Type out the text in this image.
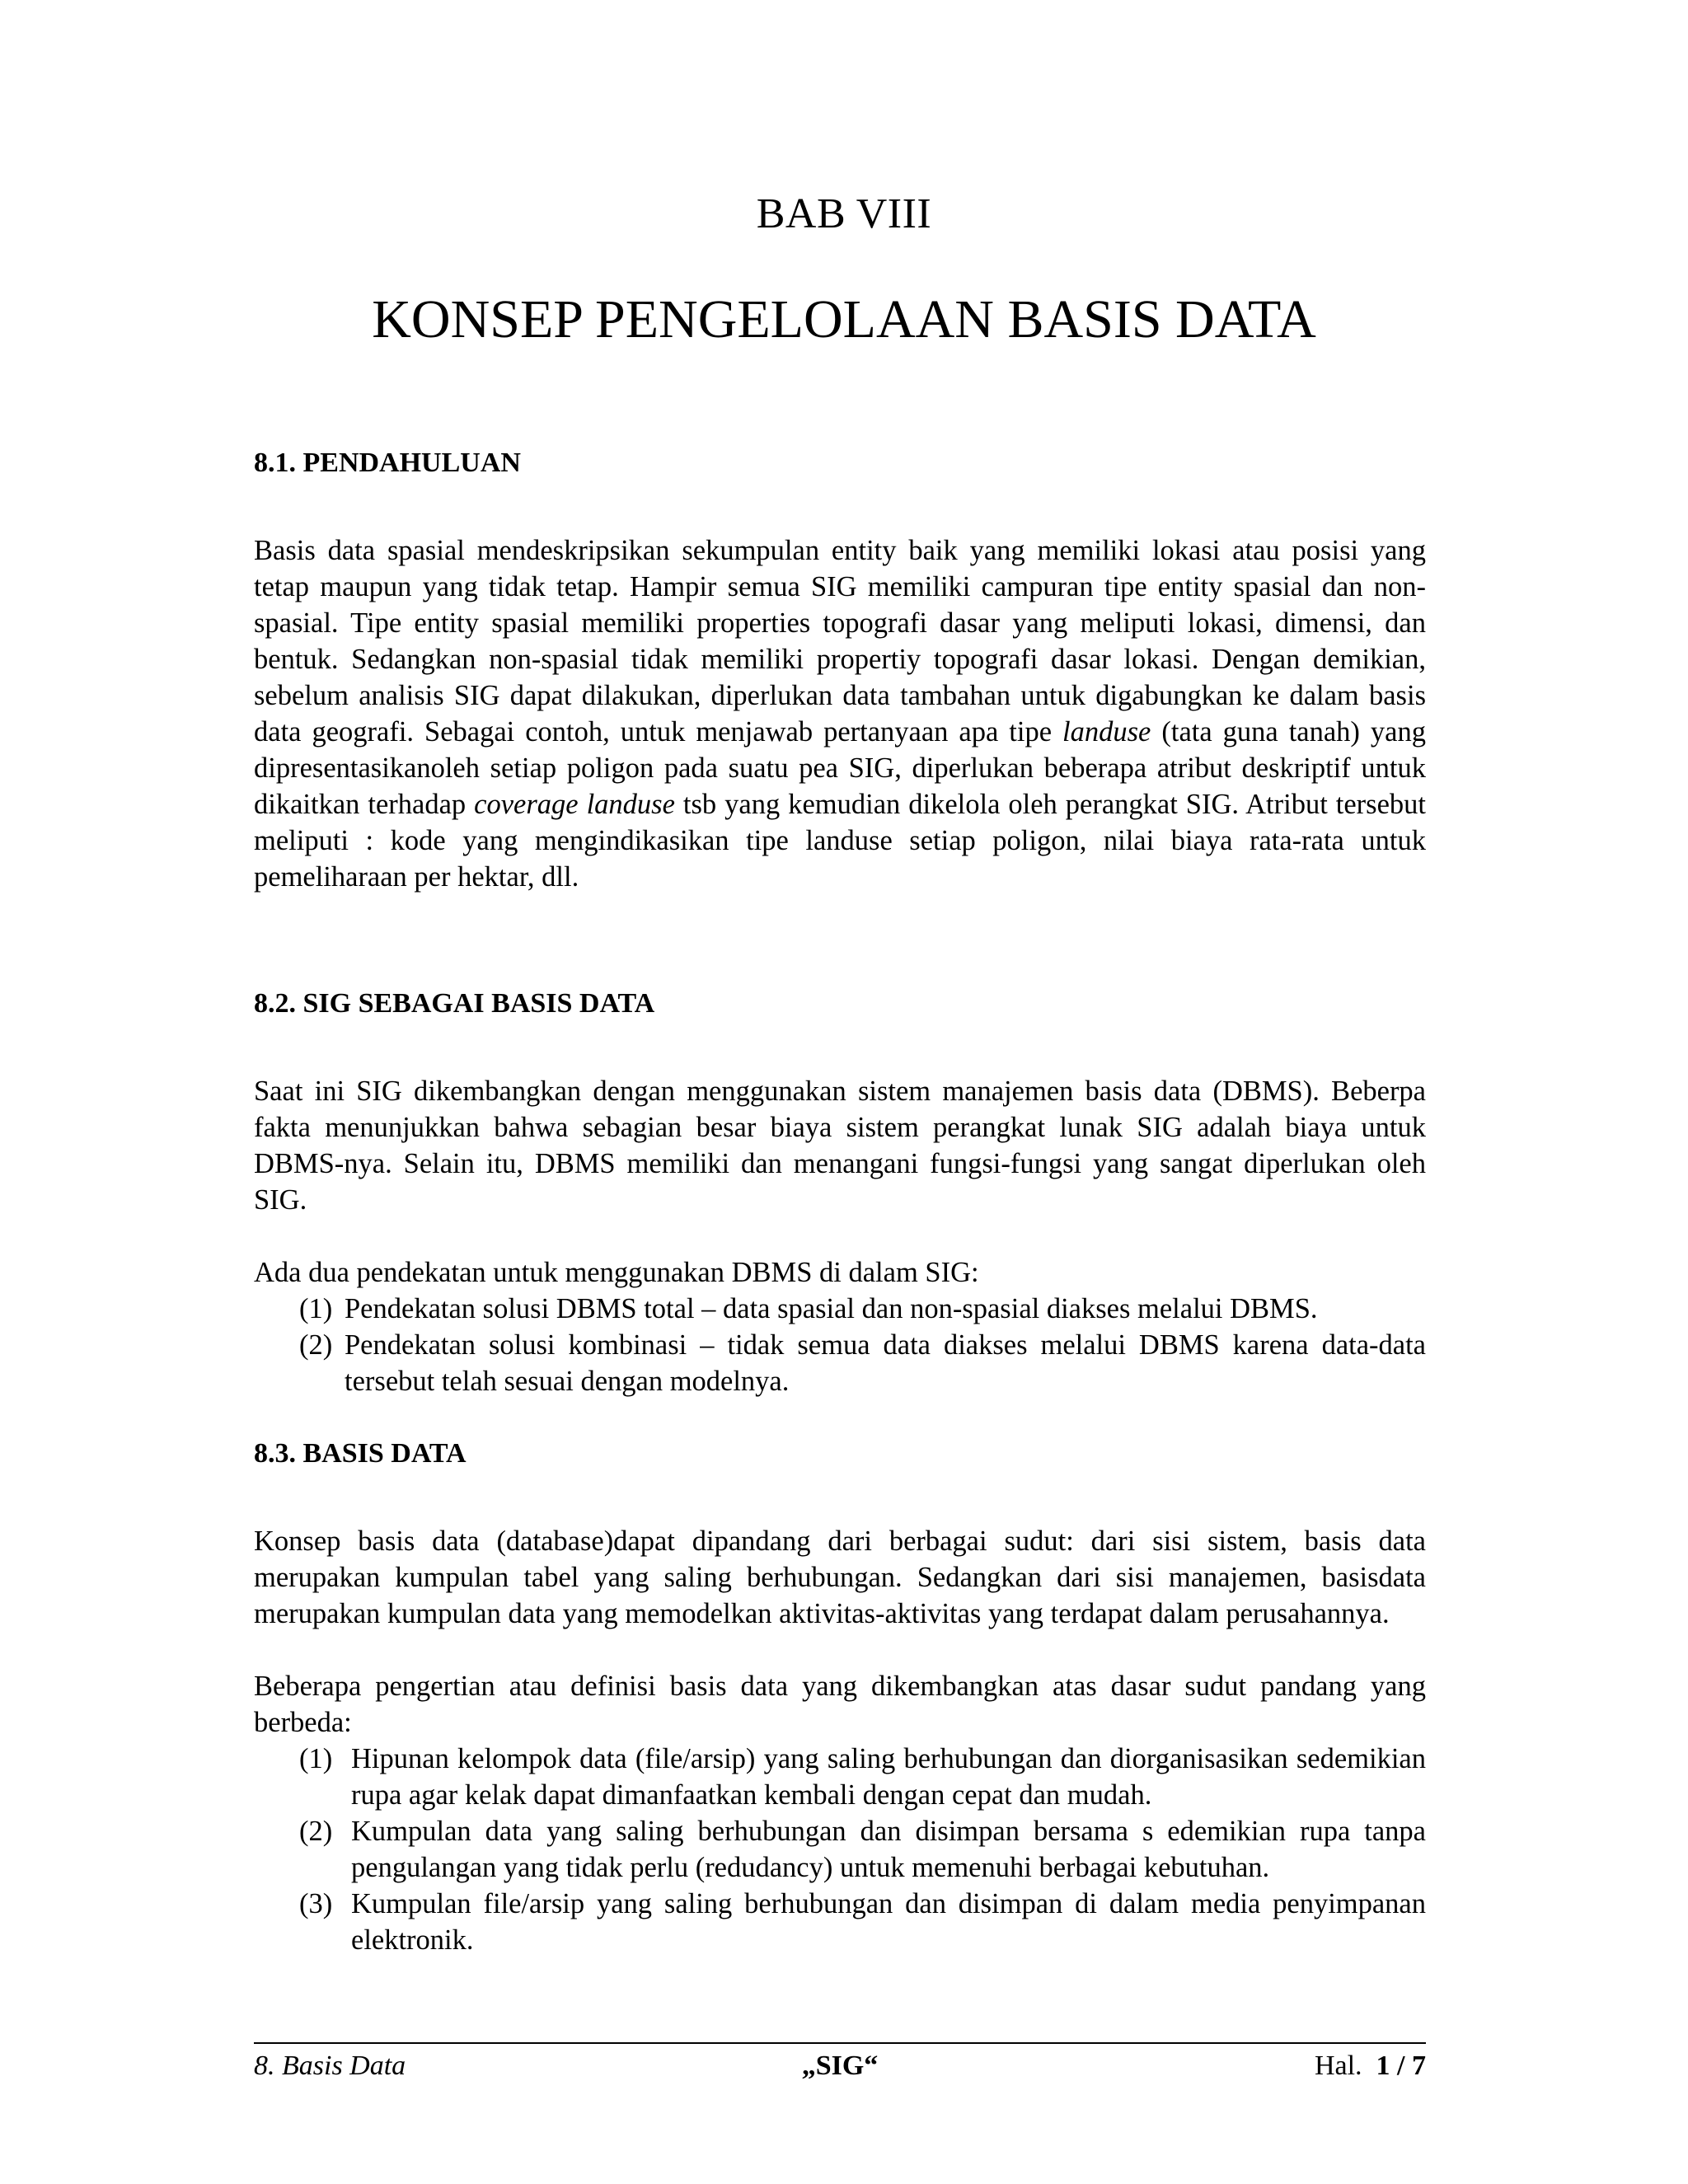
BAB VIII
KONSEP PENGELOLAAN BASIS DATA

8.1. PENDAHULUAN

Basis data spasial mendeskripsikan sekumpulan entity baik yang memiliki lokasi atau posisi yang tetap maupun yang tidak tetap. Hampir semua SIG memiliki campuran tipe entity spasial dan non-spasial. Tipe entity spasial memiliki properties topografi dasar yang meliputi lokasi, dimensi, dan bentuk. Sedangkan non-spasial tidak memiliki propertiy topografi dasar lokasi. Dengan demikian, sebelum analisis SIG dapat dilakukan, diperlukan data tambahan untuk digabungkan ke dalam basis data geografi. Sebagai contoh, untuk menjawab pertanyaan apa tipe landuse (tata guna tanah) yang dipresentasikanoleh setiap poligon pada suatu pea SIG, diperlukan beberapa atribut deskriptif untuk dikaitkan terhadap coverage landuse tsb yang kemudian dikelola oleh perangkat SIG. Atribut tersebut meliputi : kode yang mengindikasikan tipe landuse setiap poligon, nilai biaya rata-rata untuk pemeliharaan per hektar, dll.

8.2. SIG SEBAGAI BASIS DATA

Saat ini SIG dikembangkan dengan menggunakan sistem manajemen basis data (DBMS). Beberpa fakta menunjukkan bahwa sebagian besar biaya sistem perangkat lunak SIG adalah biaya untuk DBMS-nya. Selain itu, DBMS memiliki dan menangani fungsi-fungsi yang sangat diperlukan oleh SIG.

Ada dua pendekatan untuk menggunakan DBMS di dalam SIG:

(1) Pendekatan solusi DBMS total – data spasial dan non-spasial diakses melalui DBMS.
(2) Pendekatan solusi kombinasi – tidak semua data diakses melalui DBMS karena data-data tersebut telah sesuai dengan modelnya.

8.3. BASIS DATA

Konsep basis data (database)dapat dipandang dari berbagai sudut: dari sisi sistem, basis data merupakan kumpulan tabel yang saling berhubungan. Sedangkan dari sisi manajemen, basisdata merupakan kumpulan data yang memodelkan aktivitas-aktivitas yang terdapat dalam perusahannya.

Beberapa pengertian atau definisi basis data yang dikembangkan atas dasar sudut pandang yang berbeda:

(1) Hipunan kelompok data (file/arsip) yang saling berhubungan dan diorganisasikan sedemikian rupa agar kelak dapat dimanfaatkan kembali dengan cepat dan mudah.
(2) Kumpulan data yang saling berhubungan dan disimpan bersama s edemikian rupa tanpa pengulangan yang tidak perlu (redudancy) untuk memenuhi berbagai kebutuhan.
(3) Kumpulan file/arsip yang saling berhubungan dan disimpan di dalam media penyimpanan elektronik.
8. Basis Data	„SIG“	Hal. 1 / 7
